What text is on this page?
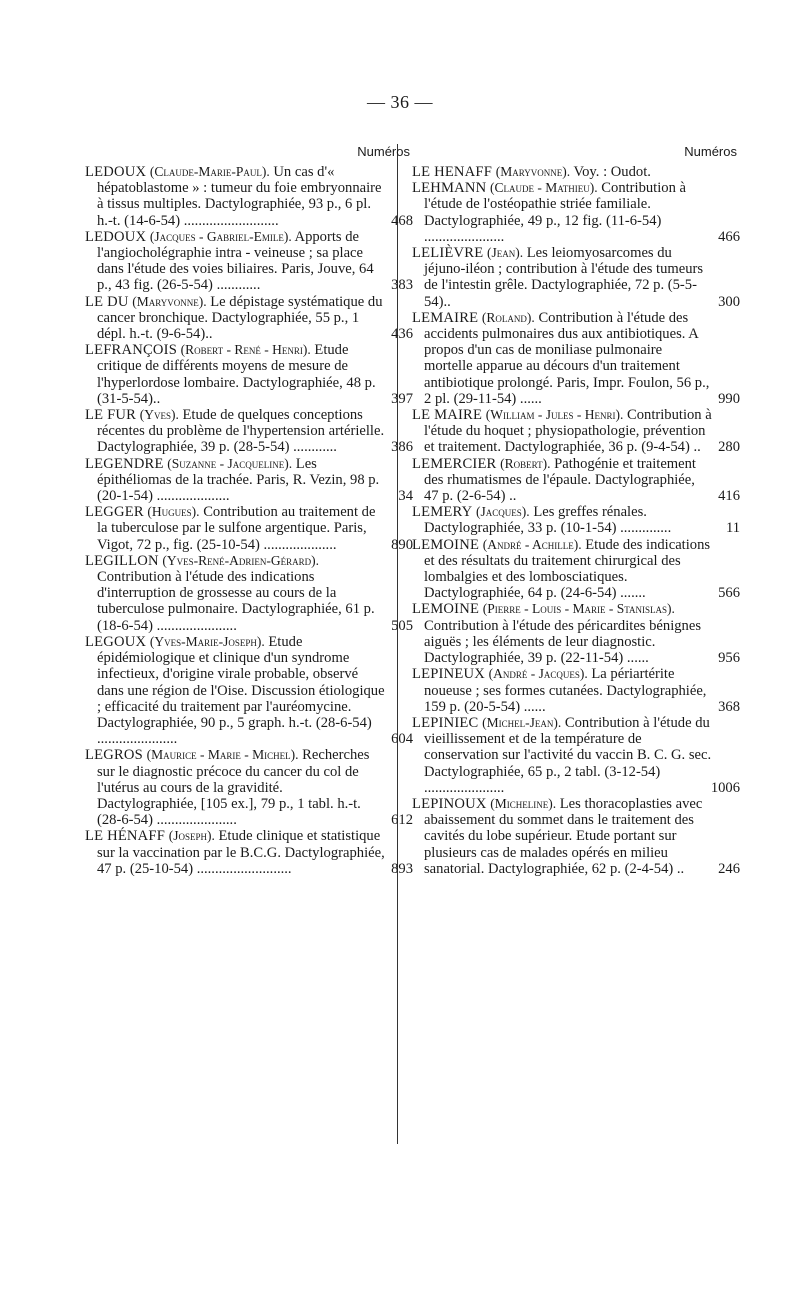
— 36 —
Numéros
LEDOUX (Claude-Marie-Paul). Un cas d'« hépatoblastome » : tumeur du foie embryonnaire à tissus multiples. Dactylographiée, 93 p., 6 pl. h.-t. (14-6-54) ..........................	468
LEDOUX (Jacques - Gabriel-Emile). Apports de l'angiocholégraphie intra - veineuse ; sa place dans l'étude des voies biliaires. Paris, Jouve, 64 p., 43 fig. (26-5-54) ............	383
LE DU (Maryvonne). Le dépistage systématique du cancer bronchique. Dactylographiée, 55 p., 1 dépl. h.-t. (9-6-54)..	436
LEFRANÇOIS (Robert - René - Henri). Etude critique de différents moyens de mesure de l'hyperlordose lombaire. Dactylographiée, 48 p. (31-5-54)..	397
LE FUR (Yves). Etude de quelques conceptions récentes du problème de l'hypertension artérielle. Dactylographiée, 39 p. (28-5-54) ............	386
LEGENDRE (Suzanne - Jacqueline). Les épithéliomas de la trachée. Paris, R. Vezin, 98 p. (20-1-54) ....................	34
LEGGER (Hugues). Contribution au traitement de la tuberculose par le sulfone argentique. Paris, Vigot, 72 p., fig. (25-10-54) ....................	890
LEGILLON (Yves-René-Adrien-Gérard). Contribution à l'étude des indications d'interruption de grossesse au cours de la tuberculose pulmonaire. Dactylographiée, 61 p. (18-6-54) ......................	505
LEGOUX (Yves-Marie-Joseph). Etude épidémiologique et clinique d'un syndrome infectieux, d'origine virale probable, observé dans une région de l'Oise. Discussion étiologique ; efficacité du traitement par l'auréomycine. Dactylographiée, 90 p., 5 graph. h.-t. (28-6-54) ......................	604
LEGROS (Maurice - Marie - Michel). Recherches sur le diagnostic précoce du cancer du col de l'utérus au cours de la gravidité. Dactylographiée, [105 ex.], 79 p., 1 tabl. h.-t. (28-6-54) ......................	612
LE HÉNAFF (Joseph). Etude clinique et statistique sur la vaccination par le B.C.G. Dactylographiée, 47 p. (25-10-54) ..........................	893
Numéros
LE HENAFF (Maryvonne). Voy. : Oudot.
LEHMANN (Claude - Mathieu). Contribution à l'étude de l'ostéopathie striée familiale. Dactylographiée, 49 p., 12 fig. (11-6-54) ......................	466
LELIÈVRE (Jean). Les leiomyosarcomes du jéjuno-iléon ; contribution à l'étude des tumeurs de l'intestin grêle. Dactylographiée, 72 p. (5-5-54)..	300
LEMAIRE (Roland). Contribution à l'étude des accidents pulmonaires dus aux antibiotiques. A propos d'un cas de moniliase pulmonaire mortelle apparue au décours d'un traitement antibiotique prolongé. Paris, Impr. Foulon, 56 p., 2 pl. (29-11-54) ......	990
LE MAIRE (William - Jules - Henri). Contribution à l'étude du hoquet ; physiopathologie, prévention et traitement. Dactylographiée, 36 p. (9-4-54) .. 280
LEMERCIER (Robert). Pathogénie et traitement des rhumatismes de l'épaule. Dactylographiée, 47 p. (2-6-54) ..	416
LEMERY (Jacques). Les greffes rénales. Dactylographiée, 33 p. (10-1-54) ..............	11
LEMOINE (André - Achille). Etude des indications et des résultats du traitement chirurgical des lombalgies et des lombosciatiques. Dactylographiée, 64 p. (24-6-54) .......	566
LEMOINE (Pierre - Louis - Marie - Stanislas). Contribution à l'étude des péricardites bénignes aiguës ; les éléments de leur diagnostic. Dactylographiée, 39 p. (22-11-54) ......	956
LEPINEUX (André - Jacques). La périartérite noueuse ; ses formes cutanées. Dactylographiée, 159 p. (20-5-54) ......	368
LEPINIEC (Michel-Jean). Contribution à l'étude du vieillissement et de la température de conservation sur l'activité du vaccin B. C. G. sec. Dactylographiée, 65 p., 2 tabl. (3-12-54) ......................	1006
LEPINOUX (Micheline). Les thoracoplasties avec abaissement du sommet dans le traitement des cavités du lobe supérieur. Etude portant sur plusieurs cas de malades opérés en milieu sanatorial. Dactylographiée, 62 p. (2-4-54) .. 246
